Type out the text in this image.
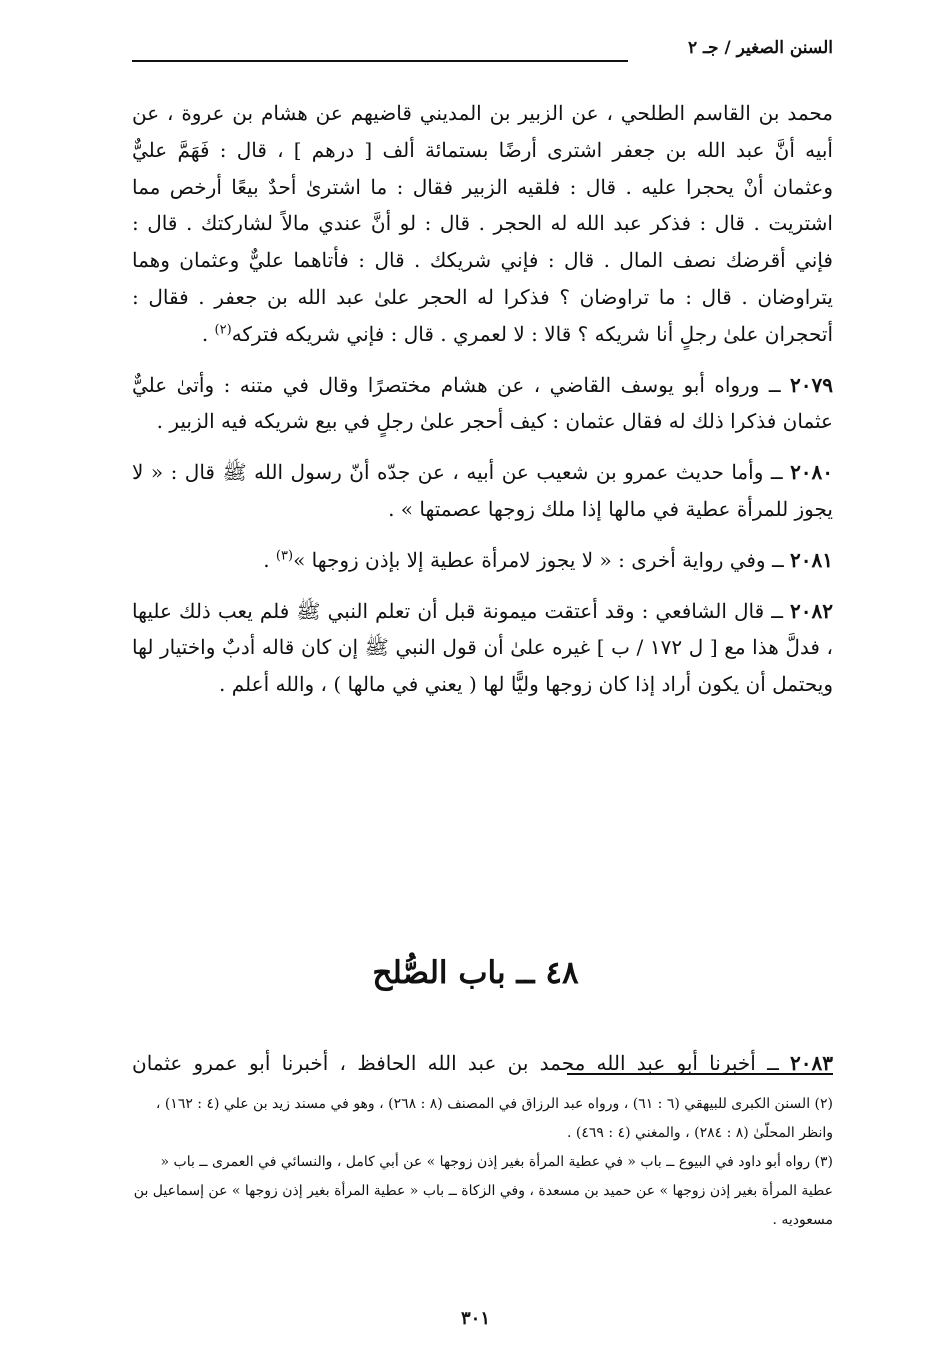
السنن الصغير / جـ ٢

محمد بن القاسم الطلحي ، عن الزبير بن المديني قاضيهم عن هشام بن عروة ، عن أبيه أنَّ عبد الله بن جعفر اشترى أرضًا بستمائة ألف [ درهم ] ، قال : فَهَمَّ عليٌّ وعثمان أنْ يحجرا عليه . قال : فلقيه الزبير فقال : ما اشترىٰ أحدٌ بيعًا أرخص مما اشتريت . قال : فذكر عبد الله له الحجر . قال : لو أنَّ عندي مالاً لشاركتك . قال : فإني أقرضك نصف المال . قال : فإني شريكك . قال : فأتاهما عليٌّ وعثمان وهما يتراوضان . قال : ما تراوضان ؟ فذكرا له الحجر علىٰ عبد الله بن جعفر . فقال : أتحجران علىٰ رجلٍ أنا شريكه ؟ قالا : لا لعمري . قال : فإني شريكه فتركه$^{(٢)}$ .

٢٠٧٩ ــ ورواه أبو يوسف القاضي ، عن هشام مختصرًا وقال في متنه : وأتىٰ عليٌّ عثمان فذكرا ذلك له فقال عثمان : كيف أحجر علىٰ رجلٍ في بيع شريكه فيه الزبير .

٢٠٨٠ ــ وأما حديث عمرو بن شعيب عن أبيه ، عن جدّه أنّ رسول الله ﷺ قال : « لا يجوز للمرأة عطية في مالها إذا ملك زوجها عصمتها » .

٢٠٨١ ــ وفي رواية أخرى : « لا يجوز لامرأة عطية إلا بإذن زوجها »$^{(٣)}$ .

٢٠٨٢ ــ قال الشافعي : وقد أعتقت ميمونة قبل أن تعلم النبي ﷺ فلم يعب ذلك عليها ، فدلَّ هذا مع [ ل ١٧٢ / ب ] غيره علىٰ أن قول النبي ﷺ إن كان قاله أدبٌ واختيار لها ويحتمل أن يكون أراد إذا كان زوجها وليًّا لها ( يعني في مالها ) ، والله أعلم .

٤٨ ــ باب الصُّلح

٢٠٨٣ ــ أخبرنا أبو عبد الله محمد بن عبد الله الحافظ ، أخبرنا أبو عمرو عثمان

(٢) السنن الكبرى للبيهقي (٦ : ٦١) ، ورواه عبد الرزاق في المصنف (٨ : ٢٦٨) ، وهو في مسند زيد بن علي (٤ : ١٦٢) ، وانظر المحلّىٰ (٨ : ٢٨٤) ، والمغني (٤ : ٤٦٩) .

(٣) رواه أبو داود في البيوع ــ باب « في عطية المرأة بغير إذن زوجها » عن أبي كامل ، والنسائي في العمرى ــ باب « عطية المرأة بغير إذن زوجها » عن حميد بن مسعدة ، وفي الزكاة ــ باب « عطية المرأة بغير إذن زوجها » عن إسماعيل بن مسعوديه .

٣٠١
